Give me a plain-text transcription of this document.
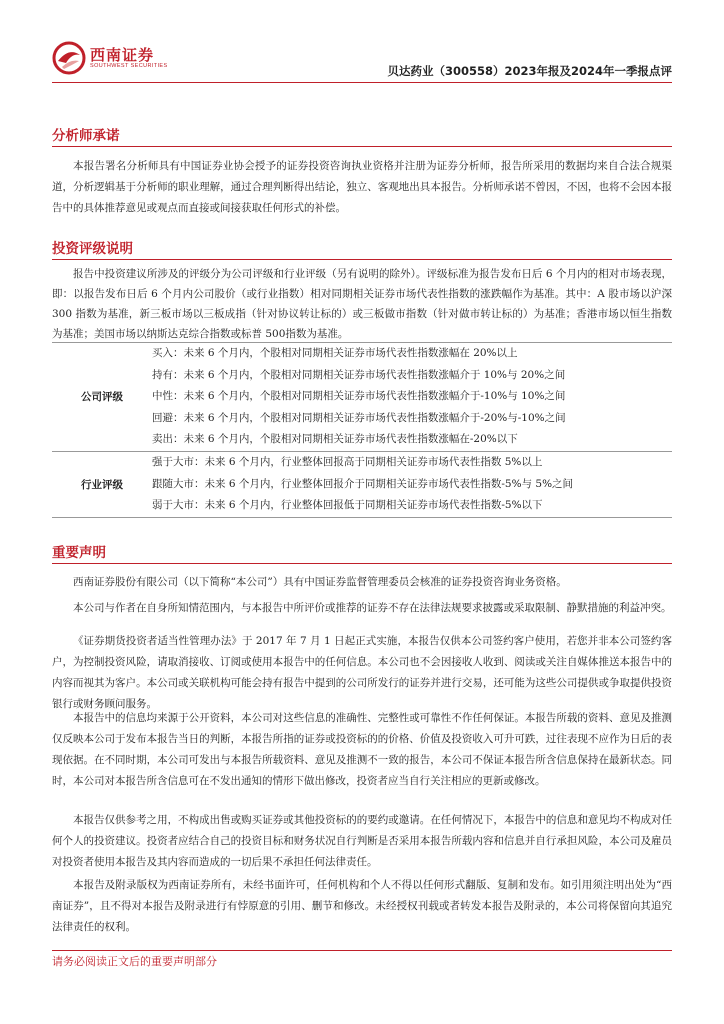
西南证券
SOUTHWEST SECURITIES	贝达药业（300558）2023年报及2024年一季报点评
分析师承诺

本报告署名分析师具有中国证券业协会授予的证券投资咨询执业资格并注册为证券分析师，报告所采用的数据均来自合法合规渠道，分析逻辑基于分析师的职业理解，通过合理判断得出结论，独立、客观地出具本报告。分析师承诺不曾因，不因，也将不会因本报告中的具体推荐意见或观点而直接或间接获取任何形式的补偿。

投资评级说明

报告中投资建议所涉及的评级分为公司评级和行业评级（另有说明的除外）。评级标准为报告发布日后 6 个月内的相对市场表现，即：以报告发布日后 6 个月内公司股价（或行业指数）相对同期相关证券市场代表性指数的涨跌幅作为基准。其中：A 股市场以沪深 300 指数为基准，新三板市场以三板成指（针对协议转让标的）或三板做市指数（针对做市转让标的）为基准；香港市场以恒生指数为基准；美国市场以纳斯达克综合指数或标普 500指数为基准。

公司评级	买入：未来 6 个月内，个股相对同期相关证券市场代表性指数涨幅在 20%以上
持有：未来 6 个月内，个股相对同期相关证券市场代表性指数涨幅介于 10%与 20%之间
中性：未来 6 个月内，个股相对同期相关证券市场代表性指数涨幅介于-10%与 10%之间
回避：未来 6 个月内，个股相对同期相关证券市场代表性指数涨幅介于-20%与-10%之间
卖出：未来 6 个月内，个股相对同期相关证券市场代表性指数涨幅在-20%以下

行业评级	强于大市：未来 6 个月内，行业整体回报高于同期相关证券市场代表性指数 5%以上
跟随大市：未来 6 个月内，行业整体回报介于同期相关证券市场代表性指数-5%与 5%之间
弱于大市：未来 6 个月内，行业整体回报低于同期相关证券市场代表性指数-5%以下

重要声明

西南证券股份有限公司（以下简称“本公司”）具有中国证券监督管理委员会核准的证券投资咨询业务资格。

本公司与作者在自身所知情范围内，与本报告中所评价或推荐的证券不存在法律法规要求披露或采取限制、静默措施的利益冲突。

《证券期货投资者适当性管理办法》于 2017 年 7 月 1 日起正式实施，本报告仅供本公司签约客户使用，若您并非本公司签约客户，为控制投资风险，请取消接收、订阅或使用本报告中的任何信息。本公司也不会因接收人收到、阅读或关注自媒体推送本报告中的内容而视其为客户。本公司或关联机构可能会持有报告中提到的公司所发行的证券并进行交易，还可能为这些公司提供或争取提供投资银行或财务顾问服务。

本报告中的信息均来源于公开资料，本公司对这些信息的准确性、完整性或可靠性不作任何保证。本报告所载的资料、意见及推测仅反映本公司于发布本报告当日的判断，本报告所指的证券或投资标的的价格、价值及投资收入可升可跌，过往表现不应作为日后的表现依据。在不同时期，本公司可发出与本报告所载资料、意见及推测不一致的报告，本公司不保证本报告所含信息保持在最新状态。同时，本公司对本报告所含信息可在不发出通知的情形下做出修改，投资者应当自行关注相应的更新或修改。

本报告仅供参考之用，不构成出售或购买证券或其他投资标的的要约或邀请。在任何情况下，本报告中的信息和意见均不构成对任何个人的投资建议。投资者应结合自己的投资目标和财务状况自行判断是否采用本报告所载内容和信息并自行承担风险，本公司及雇员对投资者使用本报告及其内容而造成的一切后果不承担任何法律责任。

本报告及附录版权为西南证券所有，未经书面许可，任何机构和个人不得以任何形式翻版、复制和发布。如引用须注明出处为“西南证券”，且不得对本报告及附录进行有悖原意的引用、删节和修改。未经授权刊载或者转发本报告及附录的，本公司将保留向其追究法律责任的权利。

请务必阅读正文后的重要声明部分
